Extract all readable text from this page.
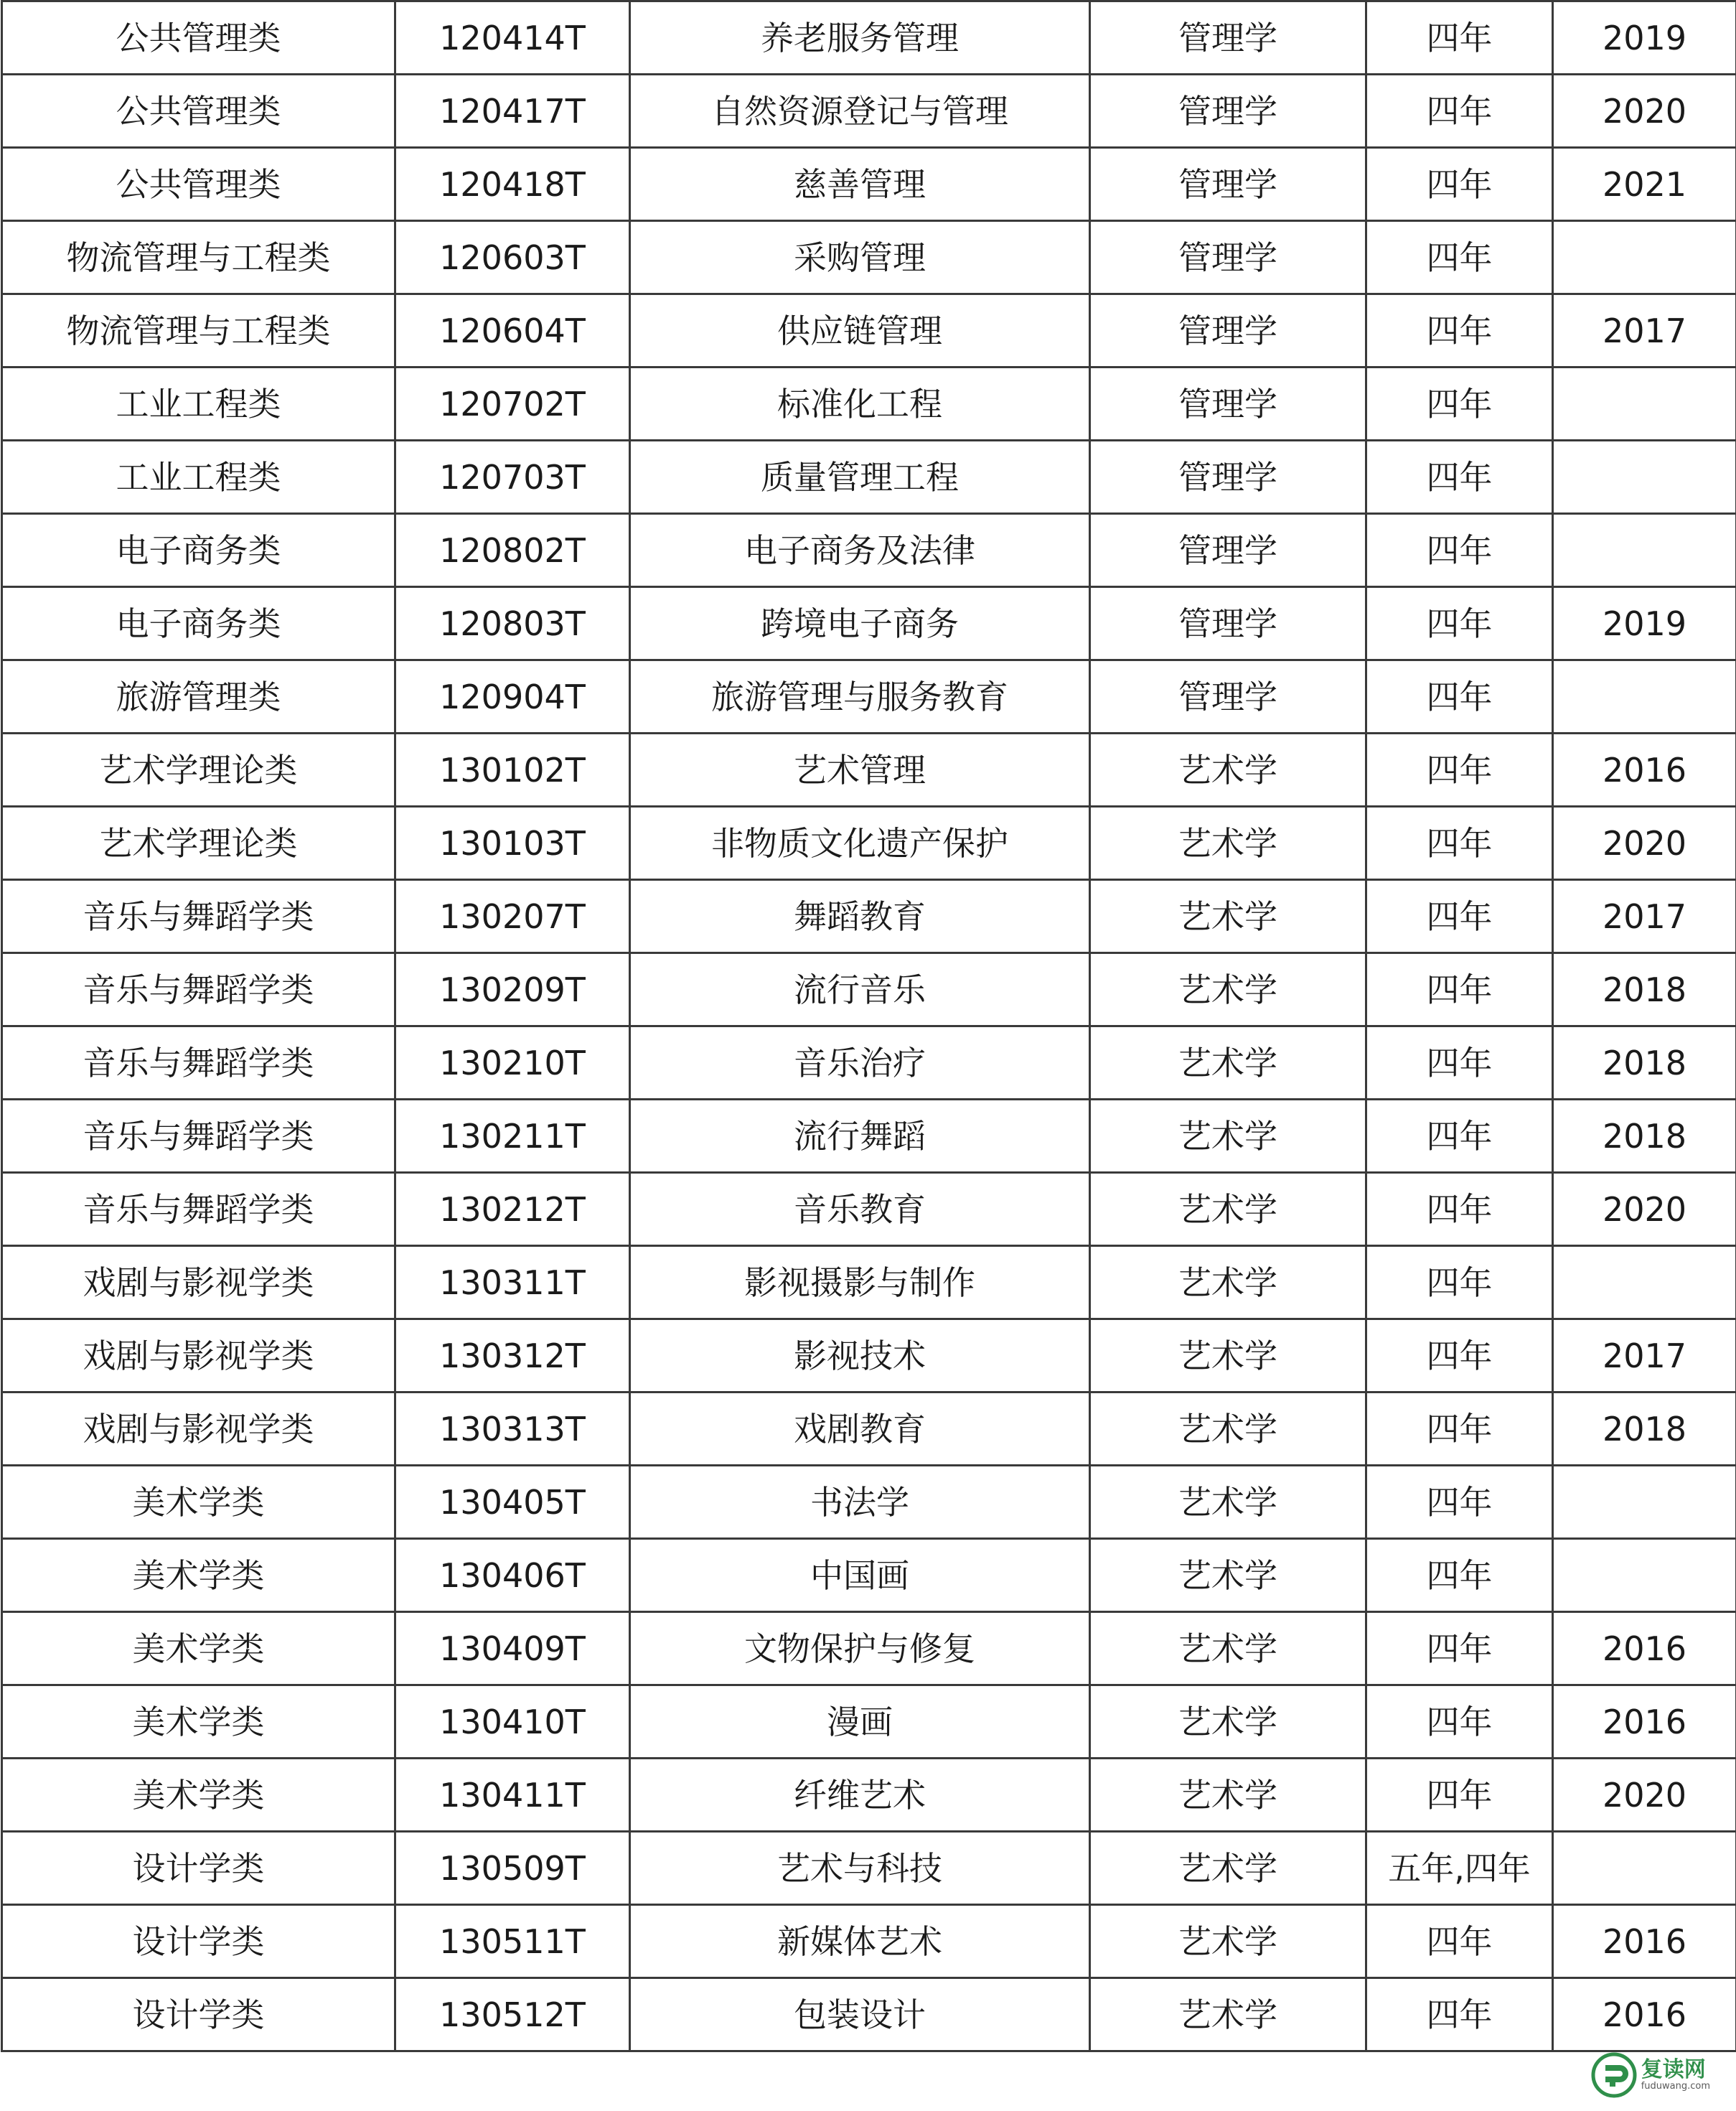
公共管理类	120414T	养老服务管理	管理学	四年	2019
公共管理类	120417T	自然资源登记与管理	管理学	四年	2020
公共管理类	120418T	慈善管理	管理学	四年	2021
物流管理与工程类	120603T	采购管理	管理学	四年	
物流管理与工程类	120604T	供应链管理	管理学	四年	2017
工业工程类	120702T	标准化工程	管理学	四年	
工业工程类	120703T	质量管理工程	管理学	四年	
电子商务类	120802T	电子商务及法律	管理学	四年	
电子商务类	120803T	跨境电子商务	管理学	四年	2019
旅游管理类	120904T	旅游管理与服务教育	管理学	四年	
艺术学理论类	130102T	艺术管理	艺术学	四年	2016
艺术学理论类	130103T	非物质文化遗产保护	艺术学	四年	2020
音乐与舞蹈学类	130207T	舞蹈教育	艺术学	四年	2017
音乐与舞蹈学类	130209T	流行音乐	艺术学	四年	2018
音乐与舞蹈学类	130210T	音乐治疗	艺术学	四年	2018
音乐与舞蹈学类	130211T	流行舞蹈	艺术学	四年	2018
音乐与舞蹈学类	130212T	音乐教育	艺术学	四年	2020
戏剧与影视学类	130311T	影视摄影与制作	艺术学	四年	
戏剧与影视学类	130312T	影视技术	艺术学	四年	2017
戏剧与影视学类	130313T	戏剧教育	艺术学	四年	2018
美术学类	130405T	书法学	艺术学	四年	
美术学类	130406T	中国画	艺术学	四年	
美术学类	130409T	文物保护与修复	艺术学	四年	2016
美术学类	130410T	漫画	艺术学	四年	2016
美术学类	130411T	纤维艺术	艺术学	四年	2020
设计学类	130509T	艺术与科技	艺术学	五年,四年	
设计学类	130511T	新媒体艺术	艺术学	四年	2016
设计学类	130512T	包装设计	艺术学	四年	2016
复读网
fuduwang.com
